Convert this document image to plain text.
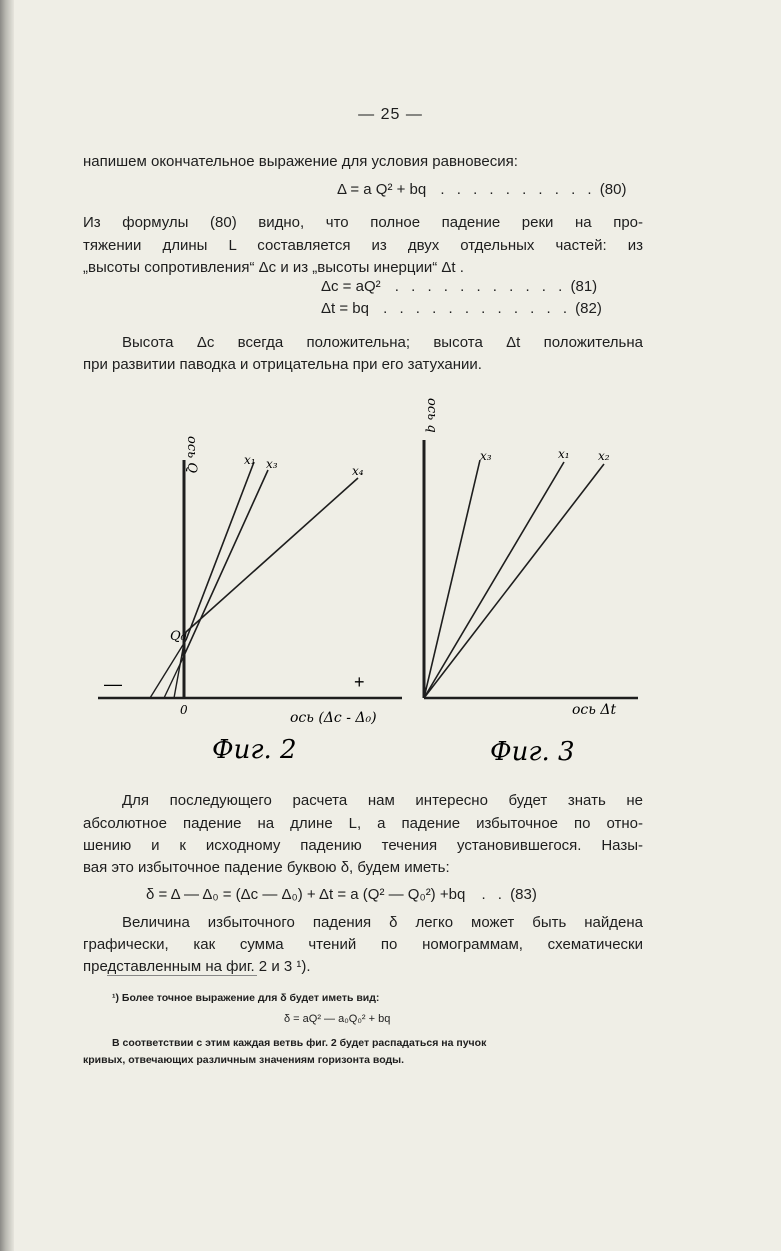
— 25 —
напишем окончательное выражение для условия равновесия:
Δ = a Q² + bq . . . . . . . . . . (80)
Из формулы (80) видно, что полное падение реки на про-
тяжении длины L составляется из двух отдельных частей: из
„высоты сопротивления“ Δc и из „высоты инерции“ Δt .
Δc = aQ² . . . . . . . . . . . (81)
Δt = bq . . . . . . . . . . . . (82)
Высота Δc всегда положительна; высота Δt положительна
при развитии паводка и отрицательна при его затухании.
ось Q
Q₀
0
—	+
x₁ x₃	x₄
ось (Δc - Δ₀)
Фиг. 2
ось q
x₃	x₁ x₂
ось Δt
Фиг. 3
Для последующего расчета нам интересно будет знать не
абсолютное падение на длине L, а падение избыточное по отно-
шению и к исходному падению течения установившегося. Назы-
вая это избыточное падение буквою δ, будем иметь:
δ = Δ — Δ₀ = (Δc — Δ₀) + Δt = a (Q² — Q₀²) +bq . . (83)
Величина избыточного падения δ легко может быть найдена
графически, как сумма чтений по номограммам, схематически
представленным на фиг. 2 и 3 ¹).
¹) Более точное выражение для δ будет иметь вид:
δ = aQ² — a₀Q₀² + bq
В соответствии с этим каждая ветвь фиг. 2 будет распадаться на пучок
кривых, отвечающих различным значениям горизонта воды.
